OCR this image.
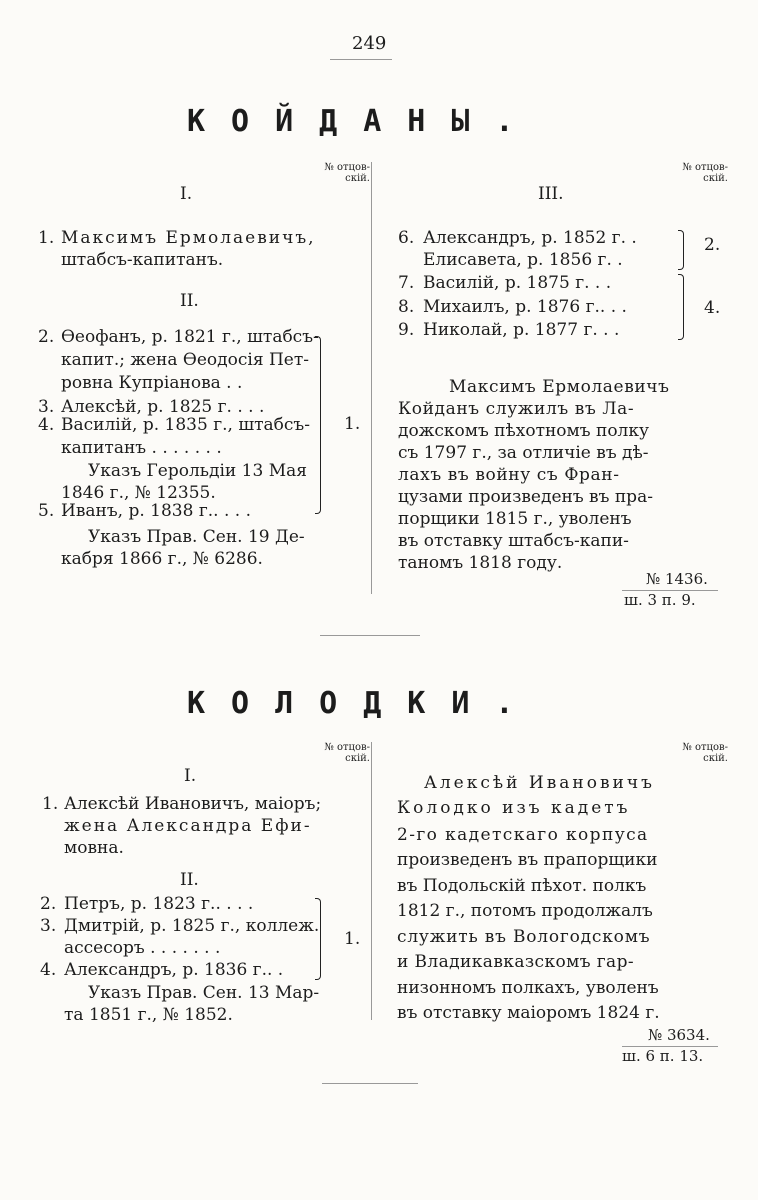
249
КОЙДАНЫ.
№ отцов-
скій.
№ отцов-
скій.
I.
1. Максимъ Ермолаевичъ,
штабсъ-капитанъ.
II.
2. Өеофанъ, р. 1821 г., штабсъ-
капит.; жена Өеодосія Пет-
ровна Купріанова . .
3. Алексѣй, р. 1825 г. . . .
4. Василій, р. 1835 г., штабсъ-
капитанъ . . . . . . .
Указъ Герольдіи 13 Мая
1846 г., № 12355.
5. Иванъ, р. 1838 г.. . . .
Указъ Прав. Сен. 19 Де-
кабря 1866 г., № 6286.
1.
III.
6. Александръ, р. 1852 г. .
Елисавета, р. 1856 г. .
2.
7. Василій, р. 1875 г. . .
8. Михаилъ, р. 1876 г.. . .
9. Николай, р. 1877 г. . .
4.
Максимъ Ермолаевичъ
Койданъ служилъ въ Ла-
дожскомъ пѣхотномъ полку
съ 1797 г., за отличіе въ дѣ-
лахъ въ войну съ Фран-
цузами произведенъ въ пра-
порщики 1815 г., уволенъ
въ отставку штабсъ-капи-
таномъ 1818 году.
№ 1436.
ш. 3 п. 9.
КОЛОДКИ.
№ отцов-
скій.
№ отцов-
скій.
I.
1. Алексѣй Ивановичъ, маіоръ;
жена Александра Ефи-
мовна.
II.
2. Петръ, р. 1823 г.. . . .
3. Дмитрій, р. 1825 г., коллеж.
ассесоръ . . . . . . .
4. Александръ, р. 1836 г.. .
Указъ Прав. Сен. 13 Мар-
та 1851 г., № 1852.
1.
Алексѣй Ивановичъ
Колодко изъ кадетъ
2-го кадетскаго корпуса
произведенъ въ прапорщики
въ Подольскій пѣхот. полкъ
1812 г., потомъ продолжалъ
служить въ Вологодскомъ
и Владикавказскомъ гар-
низонномъ полкахъ, уволенъ
въ отставку маіоромъ 1824 г.
№ 3634.
ш. 6 п. 13.
